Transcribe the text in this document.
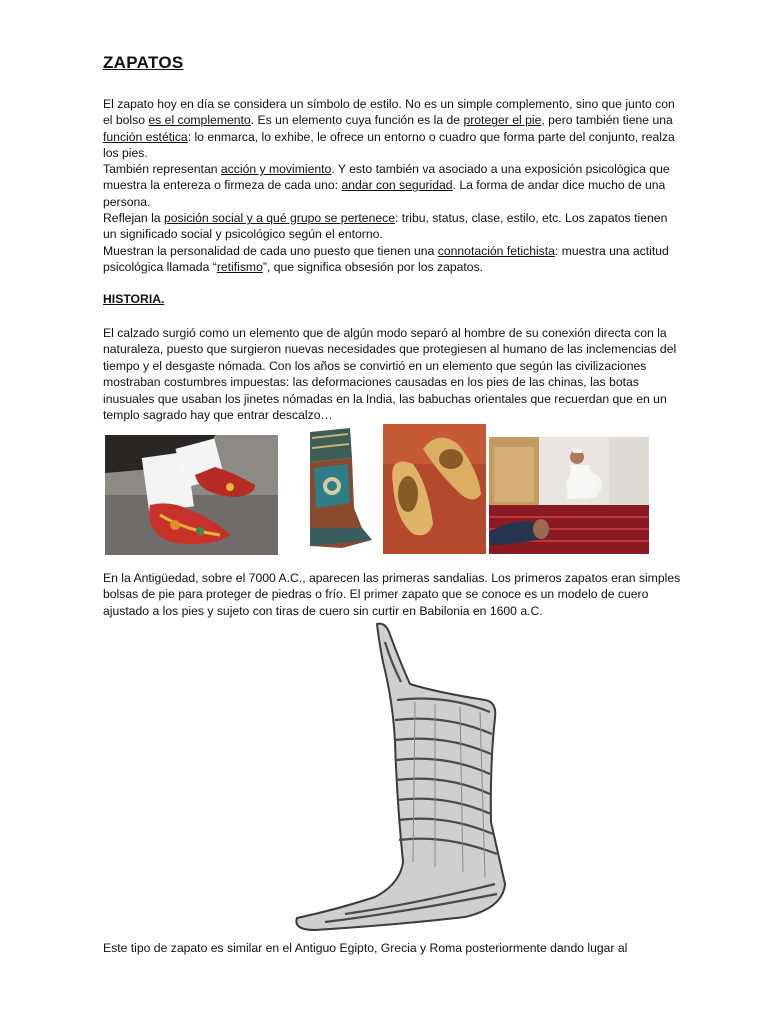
ZAPATOS
El zapato hoy en día se considera un símbolo de estilo. No es un simple complemento, sino que junto con el bolso es el complemento. Es un elemento cuya función es la de proteger el pie, pero también tiene una función estética: lo enmarca, lo exhibe, le ofrece un entorno o cuadro que forma parte del conjunto, realza los pies.
También representan acción y movimiento. Y esto también va asociado a una exposición psicológica que muestra la entereza o firmeza de cada uno: andar con seguridad. La forma de andar dice mucho de una persona.
Reflejan la posición social y a qué grupo se pertenece: tribu, status, clase, estilo, etc. Los zapatos tienen un significado social y psicológico según el entorno.
Muestran la personalidad de cada uno puesto que tienen una connotación fetichista: muestra una actitud psicológica llamada “retifismo”, que significa obsesión por los zapatos.
HISTORIA.
El calzado surgió como un elemento que de algún modo separó al hombre de su conexión directa con la naturaleza, puesto que surgieron nuevas necesidades que protegiesen al humano de las inclemencias del tiempo y el desgaste nómada. Con los años se convirtió en un elemento que según las civilizaciones mostraban costumbres impuestas: las deformaciones causadas en los pies de las chinas, las botas inusuales que usaban los jinetes nómadas en la India, las babuchas orientales que recuerdan que en un templo sagrado hay que entrar descalzo…
En la Antigüedad, sobre el 7000 A.C., aparecen las primeras sandalias. Los primeros zapatos eran simples bolsas de pie para proteger de piedras o frío. El primer zapato que se conoce es un modelo de cuero ajustado a los pies y sujeto con tiras de cuero sin curtir en Babilonia en 1600 a.C.
Este tipo de zapato es similar en el Antiguo Egipto, Grecia y Roma posteriormente dando lugar al
